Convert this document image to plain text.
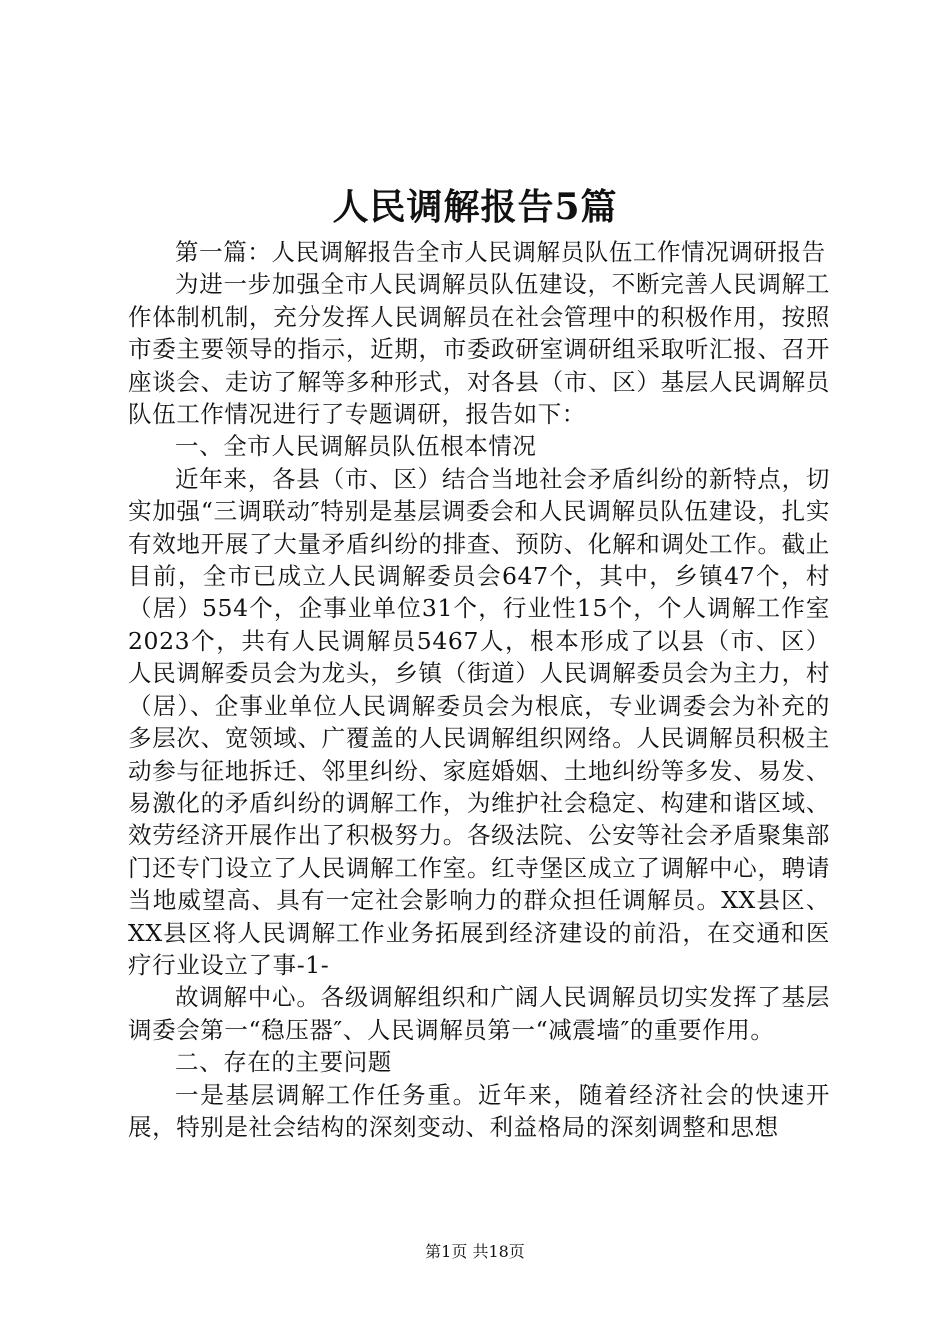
人民调解报告5篇

第一篇：人民调解报告全市人民调解员队伍工作情况调研报告

为进一步加强全市人民调解员队伍建设，不断完善人民调解工作体制机制，充分发挥人民调解员在社会管理中的积极作用，按照市委主要领导的指示，近期，市委政研室调研组采取听汇报、召开座谈会、走访了解等多种形式，对各县（市、区）基层人民调解员队伍工作情况进行了专题调研，报告如下：

一、全市人民调解员队伍根本情况

近年来，各县（市、区）结合当地社会矛盾纠纷的新特点，切实加强“三调联动″特别是基层调委会和人民调解员队伍建设，扎实有效地开展了大量矛盾纠纷的排查、预防、化解和调处工作。截止目前，全市已成立人民调解委员会647个，其中，乡镇47个，村（居）554个，企事业单位31个，行业性15个，个人调解工作室2023个，共有人民调解员5467人，根本形成了以县（市、区）人民调解委员会为龙头，乡镇（街道）人民调解委员会为主力，村（居）、企事业单位人民调解委员会为根底，专业调委会为补充的多层次、宽领域、广覆盖的人民调解组织网络。人民调解员积极主动参与征地拆迁、邻里纠纷、家庭婚姻、土地纠纷等多发、易发、易激化的矛盾纠纷的调解工作，为维护社会稳定、构建和谐区域、效劳经济开展作出了积极努力。各级法院、公安等社会矛盾聚集部门还专门设立了人民调解工作室。红寺堡区成立了调解中心，聘请当地威望高、具有一定社会影响力的群众担任调解员。XX县区、XX县区将人民调解工作业务拓展到经济建设的前沿，在交通和医疗行业设立了事-1-

故调解中心。各级调解组织和广阔人民调解员切实发挥了基层调委会第一“稳压器″、人民调解员第一“减震墙″的重要作用。

二、存在的主要问题

一是基层调解工作任务重。近年来，随着经济社会的快速开展，特别是社会结构的深刻变动、利益格局的深刻调整和思想

第1页 共18页
